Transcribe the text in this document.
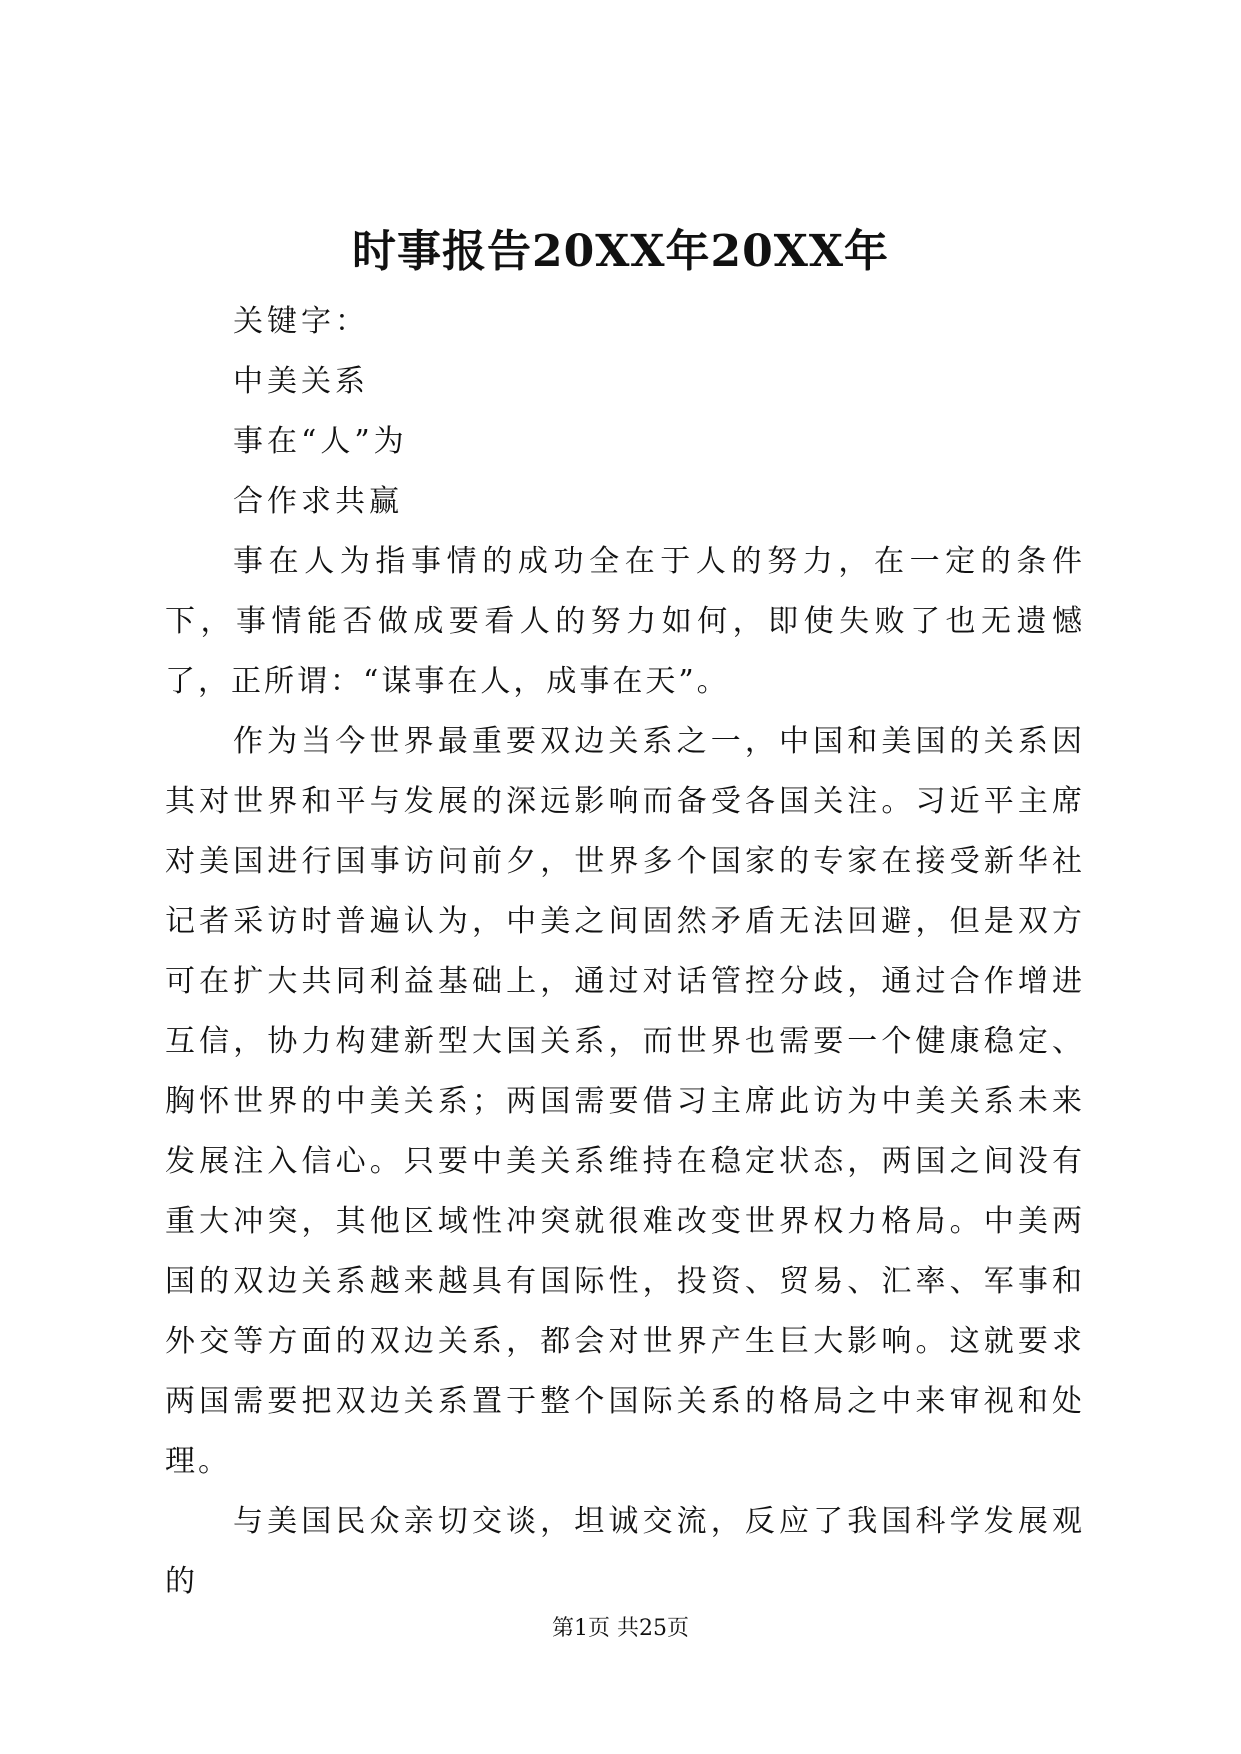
时事报告20XX年20XX年
关键字：
中美关系
事在“人”为
合作求共赢

事在人为指事情的成功全在于人的努力，在一定的条件下，事情能否做成要看人的努力如何，即使失败了也无遗憾了，正所谓：“谋事在人，成事在天”。

作为当今世界最重要双边关系之一，中国和美国的关系因其对世界和平与发展的深远影响而备受各国关注。习近平主席对美国进行国事访问前夕，世界多个国家的专家在接受新华社记者采访时普遍认为，中美之间固然矛盾无法回避，但是双方可在扩大共同利益基础上，通过对话管控分歧，通过合作增进互信，协力构建新型大国关系，而世界也需要一个健康稳定、胸怀世界的中美关系；两国需要借习主席此访为中美关系未来发展注入信心。只要中美关系维持在稳定状态，两国之间没有重大冲突，其他区域性冲突就很难改变世界权力格局。中美两国的双边关系越来越具有国际性，投资、贸易、汇率、军事和外交等方面的双边关系，都会对世界产生巨大影响。这就要求两国需要把双边关系置于整个国际关系的格局之中来审视和处理。

与美国民众亲切交谈，坦诚交流，反应了我国科学发展观的

第1页 共25页
